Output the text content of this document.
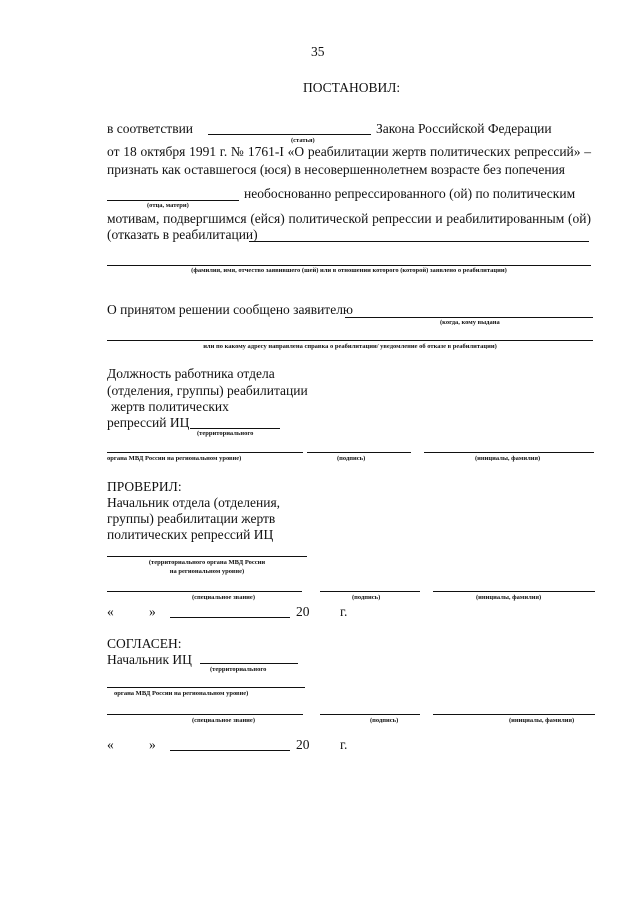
35
ПОСТАНОВИЛ:
в соответствии	Закона Российской Федерации
(статья)
от 18 октября 1991 г. № 1761-I «О реабилитации жертв политических репрессий» –
признать как оставшегося (юся) в несовершеннолетнем возрасте без попечения
необоснованно репрессированного (ой) по политическим
(отца, матери)
мотивам, подвергшимся (ейся) политической репрессии и реабилитированным (ой)
(отказать в реабилитации)
(фамилия, имя, отчество заявившего (шей) или в отношении которого (которой) заявлено о реабилитации)
О принятом решении сообщено заявителю
(когда, кому выдана
или по какому адресу направлена справка о реабилитации/ уведомление об отказе в реабилитации)
Должность работника отдела
(отделения, группы) реабилитации
жертв политических
репрессий ИЦ
(территориального
органа МВД России на региональном уровне)	(подпись)	(инициалы, фамилия)
ПРОВЕРИЛ:
Начальник отдела (отделения,
группы) реабилитации жертв
политических репрессий ИЦ
(территориального органа МВД России
на региональном уровне)
(специальное звание)	(подпись)	(инициалы, фамилия)
«	»	20 г.
СОГЛАСЕН:
Начальник ИЦ
(территориального
органа МВД России на региональном уровне)
(специальное звание)	(подпись)	(инициалы, фамилия)
«	»	20 г.
